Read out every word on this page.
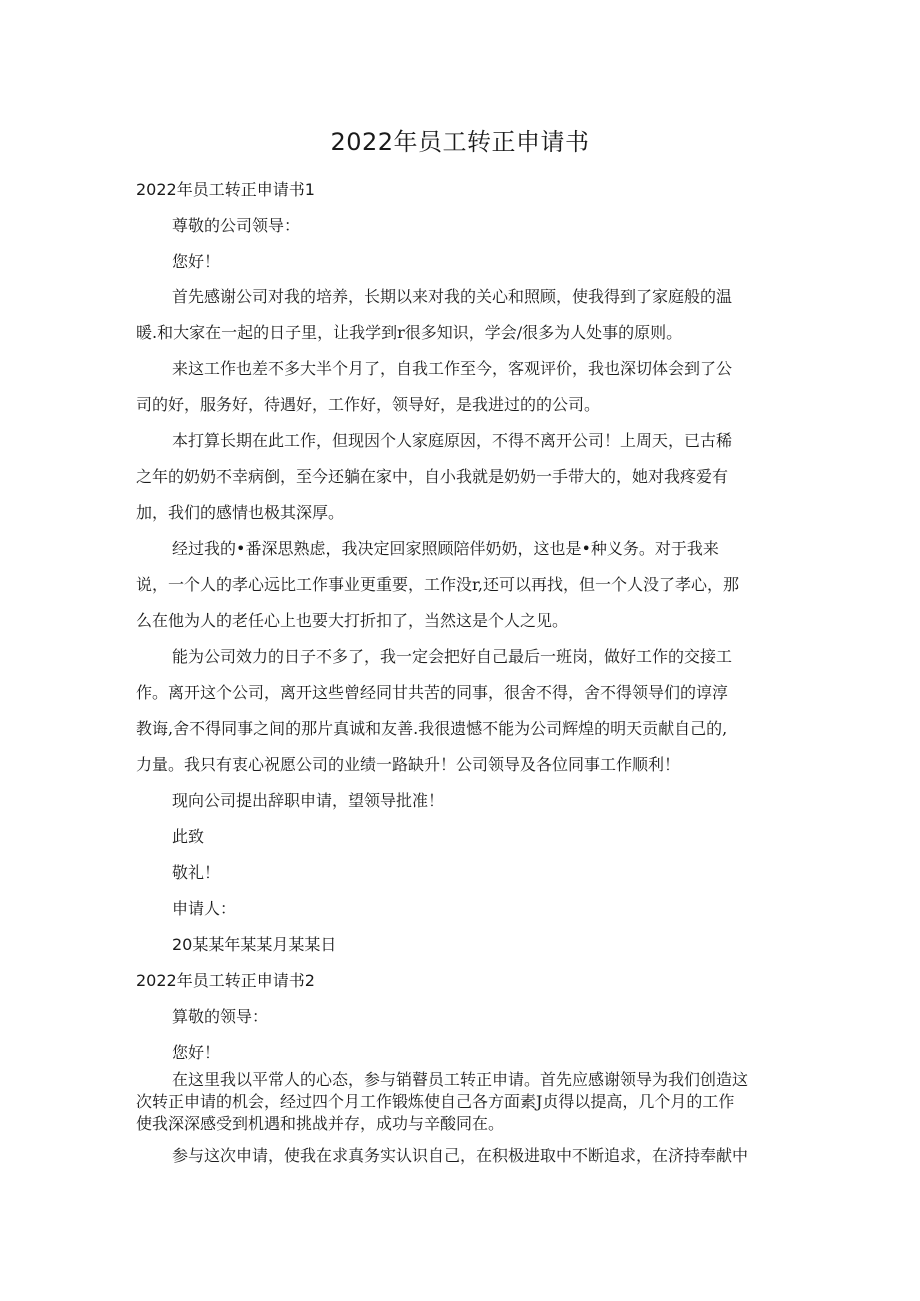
2022年员工转正申请书

2022年员工转正申请书1

尊敬的公司领导：

您好！

首先感谢公司对我的培养，长期以来对我的关心和照顾，使我得到了家庭般的温
暖.和大家在一起的日子里，让我学到r很多知识，学会/很多为人处事的原则。
来这工作也差不多大半个月了，自我工作至今，客观评价，我也深切体会到了公
司的好，服务好，待遇好，工作好，领导好，是我进过的的公司。
本打算长期在此工作，但现因个人家庭原因，不得不离开公司！上周天，已古稀
之年的奶奶不幸病倒，至今还躺在家中，自小我就是奶奶一手带大的，她对我疼爱有
加，我们的感情也极其深厚。
经过我的•番深思熟虑，我决定回家照顾陪伴奶奶，这也是•种义务。对于我来
说，一个人的孝心远比工作事业更重要，工作没r,还可以再找，但一个人没了孝心，那
么在他为人的老任心上也要大打折扣了，当然这是个人之见。
能为公司效力的日子不多了，我一定会把好自己最后一班岗，做好工作的交接工
作。离开这个公司，离开这些曾经同甘共苦的同事，很舍不得，舍不得领导们的谆淳
教诲,舍不得同事之间的那片真诚和友善.我很遗憾不能为公司辉煌的明天贡献自己的,
力量。我只有衷心祝愿公司的业绩一路缺升！公司领导及各位同事工作顺利！

现向公司提出辞职申请，望领导批准！

此致

敬礼！

申请人：

20某某年某某月某某日

2022年员工转正申请书2

算敬的领导：

您好！

在这里我以平常人的心态，参与销瞽员工转正申请。首先应感谢领导为我们创造这
次转正申请的机会，经过四个月工作锻炼使自己各方面素J贞得以提高，几个月的工作
使我深深感受到机遇和挑战并存，成功与辛酸同在。
参与这次申请，使我在求真务实认识自己，在积极进取中不断追求，在济持奉献中
